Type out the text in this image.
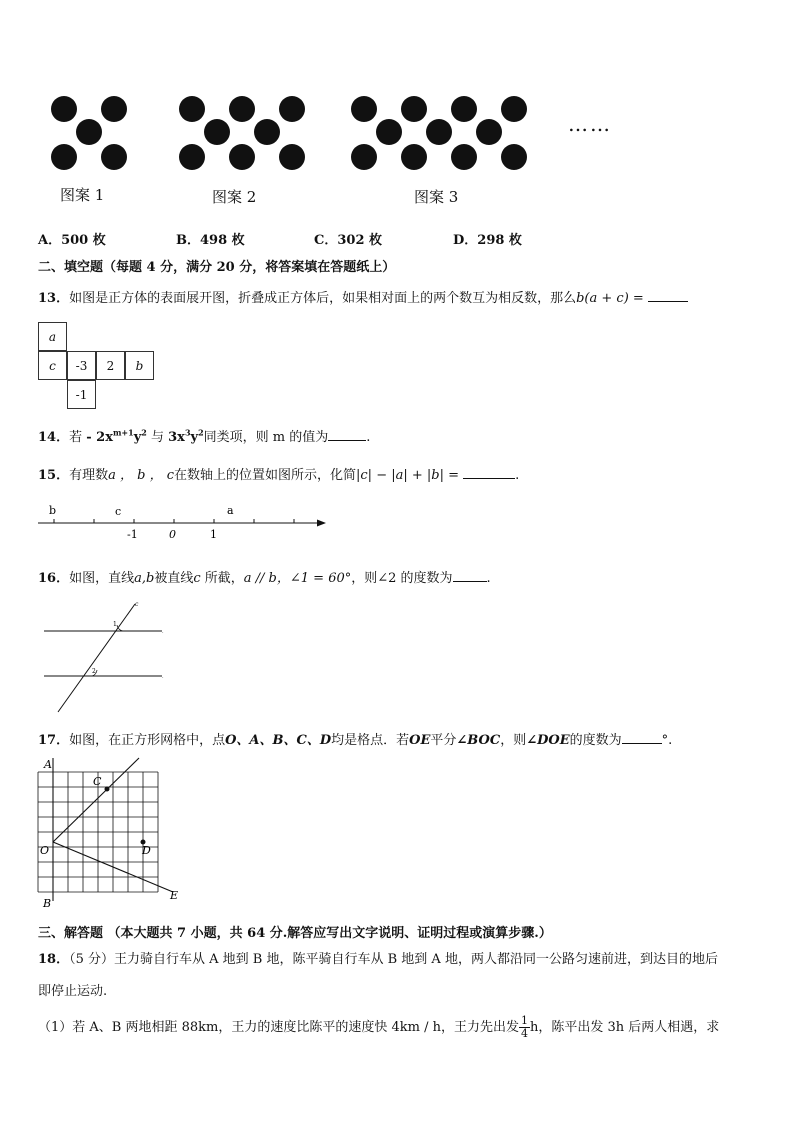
……
图案 1	图案 2	图案 3
A．500 枚	B．498 枚	C．302 枚	D．298 枚
二、填空题（每题 4 分，满分 20 分，将答案填在答题纸上）
13．如图是正方体的表面展开图，折叠成正方体后，如果相对面上的两个数互为相反数，那么b(a + c) =
a
c	-3	2	b
-1
14．若 - $2x^{m+1}y^2$ 与 $3x^3y^2$同类项，则 m 的值为	.
15．有理数a ， b ， c在数轴上的位置如图所示，化简|c| − |a| + |b| =	.
b	c	a
-1	0	1
16．如图，直线a,b被直线c 所截，a // b，∠1 = 60°，则∠2 的度数为	.
c
1
2
.
.
17．如图，在正方形网格中，点O、A、B、C、D均是格点．若OE平分∠BOC，则∠DOE的度数为	°.
A
C
O	D
E
B
三、解答题 （本大题共 7 小题，共 64 分.解答应写出文字说明、证明过程或演算步骤.）
18．（5 分）王力骑自行车从 A 地到 B 地，陈平骑自行车从 B 地到 A 地，两人都沿同一公路匀速前进，到达目的地后
即停止运动.
（1）若 A、B 两地相距 88km，王力的速度比陈平的速度快 4km / h，王力先出发 $\frac{1}{4}$ h，陈平出发 3h 后两人相遇，求
